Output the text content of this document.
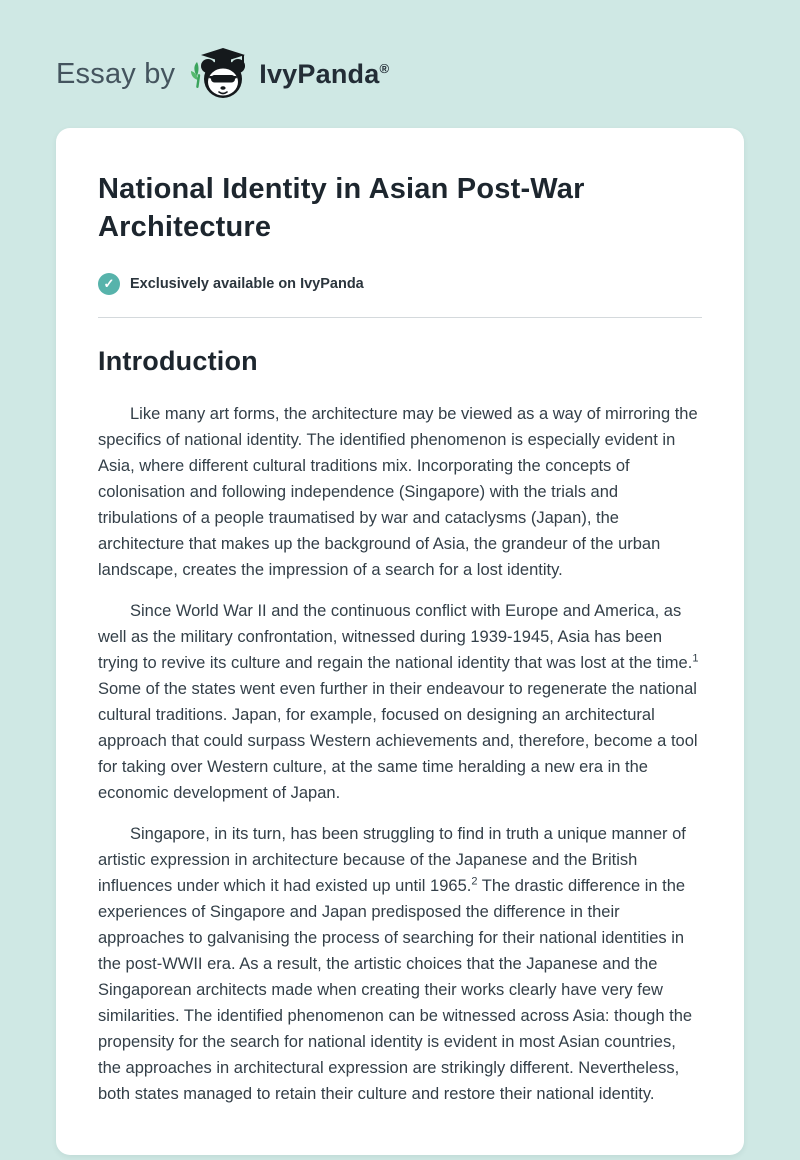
Essay by	IvyPanda®
National Identity in Asian Post-War Architecture
✓	Exclusively available on IvyPanda
Introduction

Like many art forms, the architecture may be viewed as a way of mirroring the specifics of national identity. The identified phenomenon is especially evident in Asia, where different cultural traditions mix. Incorporating the concepts of colonisation and following independence (Singapore) with the trials and tribulations of a people traumatised by war and cataclysms (Japan), the architecture that makes up the background of Asia, the grandeur of the urban landscape, creates the impression of a search for a lost identity.

Since World War II and the continuous conflict with Europe and America, as well as the military confrontation, witnessed during 1939-1945, Asia has been trying to revive its culture and regain the national identity that was lost at the time.$^1$ Some of the states went even further in their endeavour to regenerate the national cultural traditions. Japan, for example, focused on designing an architectural approach that could surpass Western achievements and, therefore, become a tool for taking over Western culture, at the same time heralding a new era in the economic development of Japan.

Singapore, in its turn, has been struggling to find in truth a unique manner of artistic expression in architecture because of the Japanese and the British influences under which it had existed up until 1965.$^2$ The drastic difference in the experiences of Singapore and Japan predisposed the difference in their approaches to galvanising the process of searching for their national identities in the post-WWII era. As a result, the artistic choices that the Japanese and the Singaporean architects made when creating their works clearly have very few similarities. The identified phenomenon can be witnessed across Asia: though the propensity for the search for national identity is evident in most Asian countries, the approaches in architectural expression are strikingly different. Nevertheless, both states managed to retain their culture and restore their national identity.
